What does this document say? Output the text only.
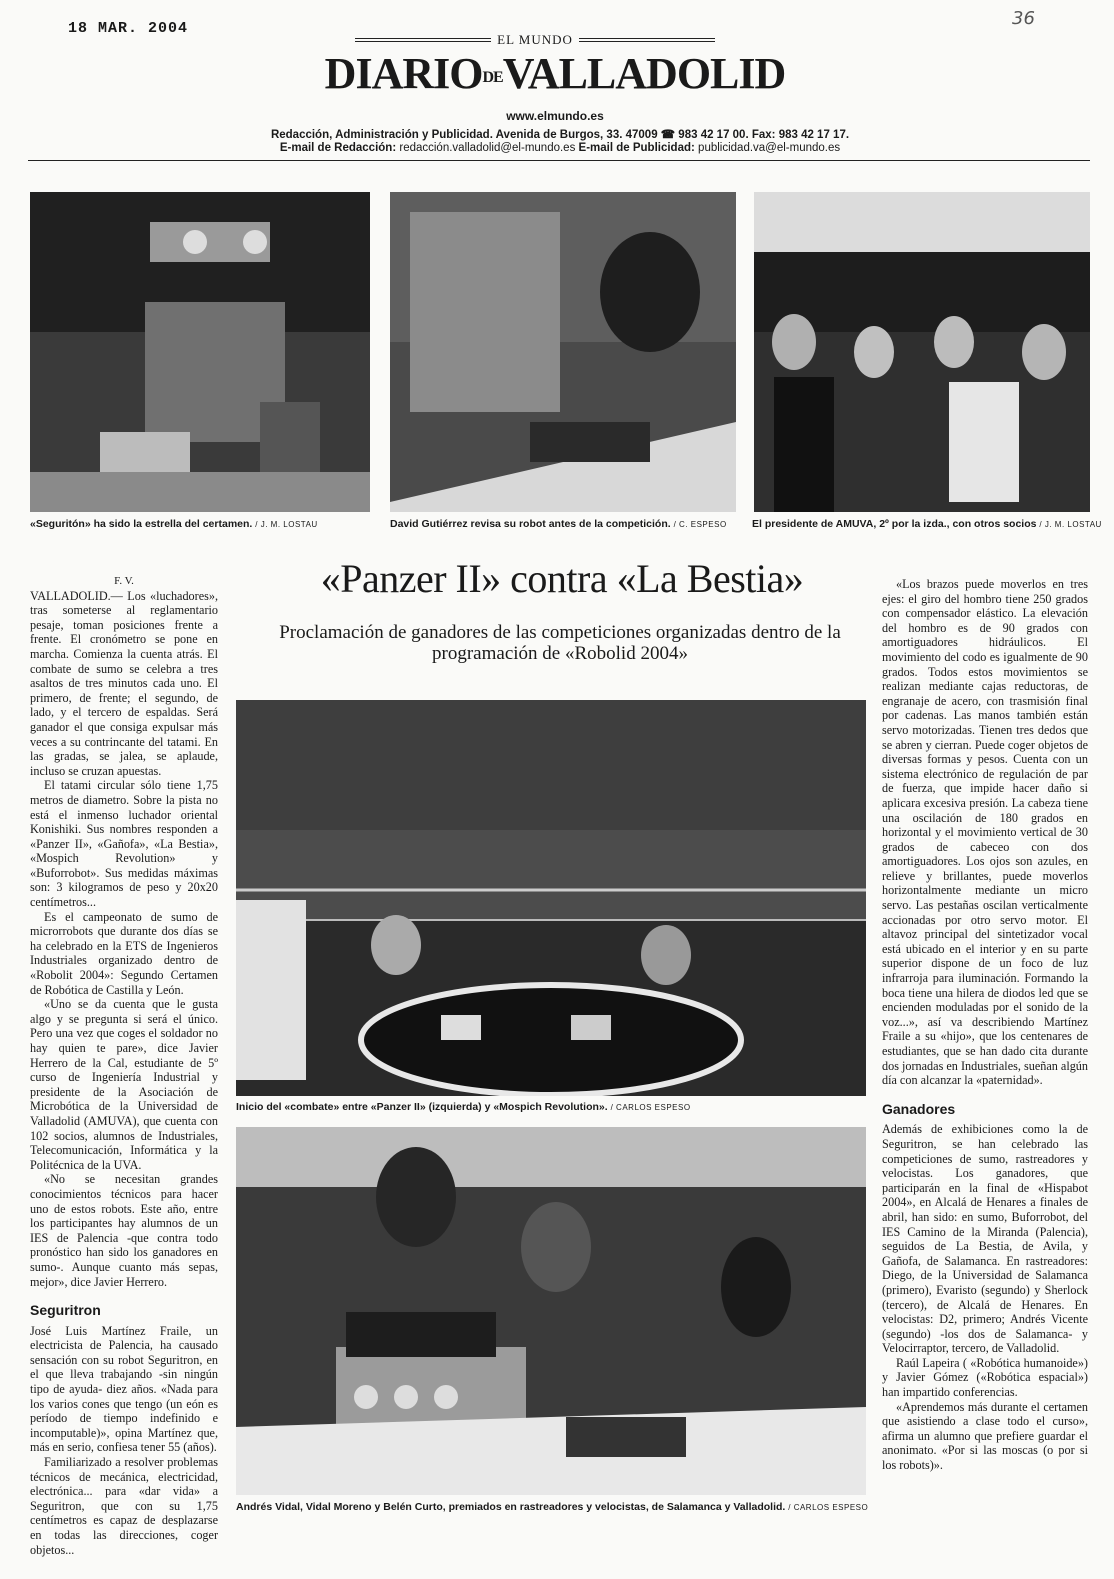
18 MAR. 2004	36
EL MUNDO
DIARIODEVALLADOLID
www.elmundo.es
Redacción, Administración y Publicidad. Avenida de Burgos, 33. 47009 ☎ 983 42 17 00. Fax: 983 42 17 17.
E-mail de Redacción: redacción.valladolid@el-mundo.es E-mail de Publicidad: publicidad.va@el-mundo.es
«Seguritón» ha sido la estrella del certamen. / J. M. LOSTAU	David Gutiérrez revisa su robot antes de la competición. / C. ESPESO El presidente de AMUVA, 2º por la izda., con otros socios / J. M. LOSTAU
«Panzer II» contra «La Bestia»
Proclamación de ganadores de las competiciones organizadas dentro de la programación de «Robolid 2004»
F. V.

VALLADOLID.— Los «luchadores», tras someterse al reglamentario pesaje, toman posiciones frente a frente. El cronómetro se pone en marcha. Comienza la cuenta atrás. El combate de sumo se celebra a tres asaltos de tres minutos cada uno. El primero, de frente; el segundo, de lado, y el tercero de espaldas. Será ganador el que consiga expulsar más veces a su contrincante del tatami. En las gradas, se jalea, se aplaude, incluso se cruzan apuestas.

El tatami circular sólo tiene 1,75 metros de diametro. Sobre la pista no está el inmenso luchador oriental Konishiki. Sus nombres responden a «Panzer II», «Gañofa», «La Bestia», «Mospich Revolution» y «Buforrobot». Sus medidas máximas son: 3 kilogramos de peso y 20x20 centímetros...

Es el campeonato de sumo de microrrobots que durante dos días se ha celebrado en la ETS de Ingenieros Industriales organizado dentro de «Robolit 2004»: Segundo Certamen de Robótica de Castilla y León.

«Uno se da cuenta que le gusta algo y se pregunta si será el único. Pero una vez que coges el soldador no hay quien te pare», dice Javier Herrero de la Cal, estudiante de 5º curso de Ingeniería Industrial y presidente de la Asociación de Microbótica de la Universidad de Valladolid (AMUVA), que cuenta con 102 socios, alumnos de Industriales, Telecomunicación, Informática y la Politécnica de la UVA.

«No se necesitan grandes conocimientos técnicos para hacer uno de estos robots. Este año, entre los participantes hay alumnos de un IES de Palencia -que contra todo pronóstico han sido los ganadores en sumo-. Aunque cuanto más sepas, mejor», dice Javier Herrero.

Seguritron

José Luis Martínez Fraile, un electricista de Palencia, ha causado sensación con su robot Seguritron, en el que lleva trabajando -sin ningún tipo de ayuda- diez años. «Nada para los varios cones que tengo (un eón es período de tiempo indefinido e incomputable)», opina Martínez que, más en serio, confiesa tener 55 (años).

Familiarizado a resolver problemas técnicos de mecánica, electricidad, electrónica... para «dar vida» a Seguritron, que con su 1,75 centímetros es capaz de desplazarse en todas las direcciones, coger objetos...

Inicio del «combate» entre «Panzer II» (izquierda) y «Mospich Revolution». / CARLOS ESPESO
Andrés Vidal, Vidal Moreno y Belén Curto, premiados en rastreadores y velocistas, de Salamanca y Valladolid. / CARLOS ESPESO

«Los brazos puede moverlos en tres ejes: el giro del hombro tiene 250 grados con compensador elástico. La elevación del hombro es de 90 grados con amortiguadores hidráulicos. El movimiento del codo es igualmente de 90 grados. Todos estos movimientos se realizan mediante cajas reductoras, de engranaje de acero, con trasmisión final por cadenas. Las manos también están servo motorizadas. Tienen tres dedos que se abren y cierran. Puede coger objetos de diversas formas y pesos. Cuenta con un sistema electrónico de regulación de par de fuerza, que impide hacer daño si aplicara excesiva presión. La cabeza tiene una oscilación de 180 grados en horizontal y el movimiento vertical de 30 grados de cabeceo con dos amortiguadores. Los ojos son azules, en relieve y brillantes, puede moverlos horizontalmente mediante un micro servo. Las pestañas oscilan verticalmente accionadas por otro servo motor. El altavoz principal del sintetizador vocal está ubicado en el interior y en su parte superior dispone de un foco de luz infrarroja para iluminación. Formando la boca tiene una hilera de diodos led que se encienden moduladas por el sonido de la voz...», así va describiendo Martínez Fraile a su «hijo», que los centenares de estudiantes, que se han dado cita durante dos jornadas en Industriales, sueñan algún día con alcanzar la «paternidad».

Ganadores

Además de exhibiciones como la de Seguritron, se han celebrado las competiciones de sumo, rastreadores y velocistas. Los ganadores, que participarán en la final de «Hispabot 2004», en Alcalá de Henares a finales de abril, han sido: en sumo, Buforrobot, del IES Camino de la Miranda (Palencia), seguidos de La Bestia, de Avila, y Gañofa, de Salamanca. En rastreadores: Diego, de la Universidad de Salamanca (primero), Evaristo (segundo) y Sherlock (tercero), de Alcalá de Henares. En velocistas: D2, primero; Andrés Vicente (segundo) -los dos de Salamanca- y Velocirraptor, tercero, de Valladolid.

Raúl Lapeira ( «Robótica humanoide») y Javier Gómez («Robótica espacial») han impartido conferencias.

«Aprendemos más durante el certamen que asistiendo a clase todo el curso», afirma un alumno que prefiere guardar el anonimato. «Por si las moscas (o por si los robots)».
